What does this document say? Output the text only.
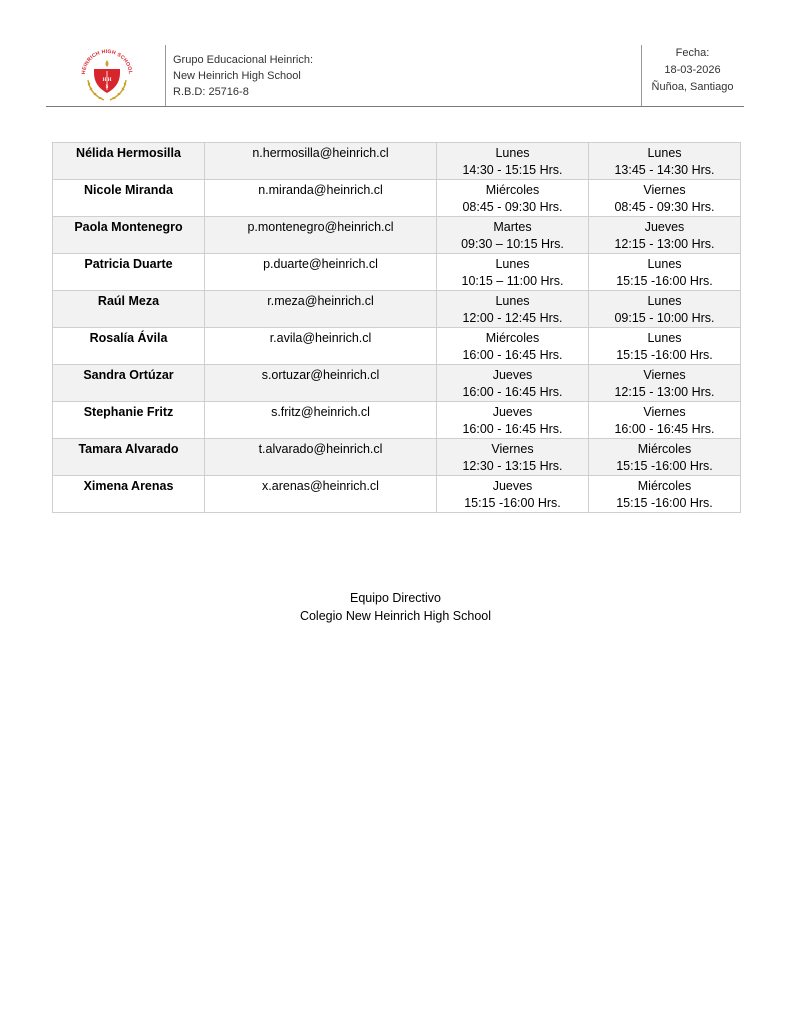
HEINRICH HIGH SCHOOL
H H
S
Grupo Educacional Heinrich:
New Heinrich High School
R.B.D: 25716-8
Fecha:
18-03-2026
Ñuñoa, Santiago
Nélida Hermosilla	n.hermosilla@heinrich.cl	Lunes
14:30 - 15:15 Hrs.	Lunes
13:45 - 14:30 Hrs.

Nicole Miranda	n.miranda@heinrich.cl	Miércoles
08:45 - 09:30 Hrs.	Viernes
08:45 - 09:30 Hrs.

Paola Montenegro	p.montenegro@heinrich.cl	Martes
09:30 – 10:15 Hrs.	Jueves
12:15 - 13:00 Hrs.

Patricia Duarte	p.duarte@heinrich.cl	Lunes
10:15 – 11:00 Hrs.	Lunes
15:15 -16:00 Hrs.

Raúl Meza	r.meza@heinrich.cl	Lunes
12:00 - 12:45 Hrs.	Lunes
09:15 - 10:00 Hrs.

Rosalía Ávila	r.avila@heinrich.cl	Miércoles
16:00 - 16:45 Hrs.	Lunes
15:15 -16:00 Hrs.

Sandra Ortúzar	s.ortuzar@heinrich.cl	Jueves
16:00 - 16:45 Hrs.	Viernes
12:15 - 13:00 Hrs.

Stephanie Fritz	s.fritz@heinrich.cl	Jueves
16:00 - 16:45 Hrs.	Viernes
16:00 - 16:45 Hrs.

Tamara Alvarado	t.alvarado@heinrich.cl	Viernes
12:30 - 13:15 Hrs.	Miércoles
15:15 -16:00 Hrs.

Ximena Arenas	x.arenas@heinrich.cl	Jueves
15:15 -16:00 Hrs.	Miércoles
15:15 -16:00 Hrs.
Equipo Directivo
Colegio New Heinrich High School
